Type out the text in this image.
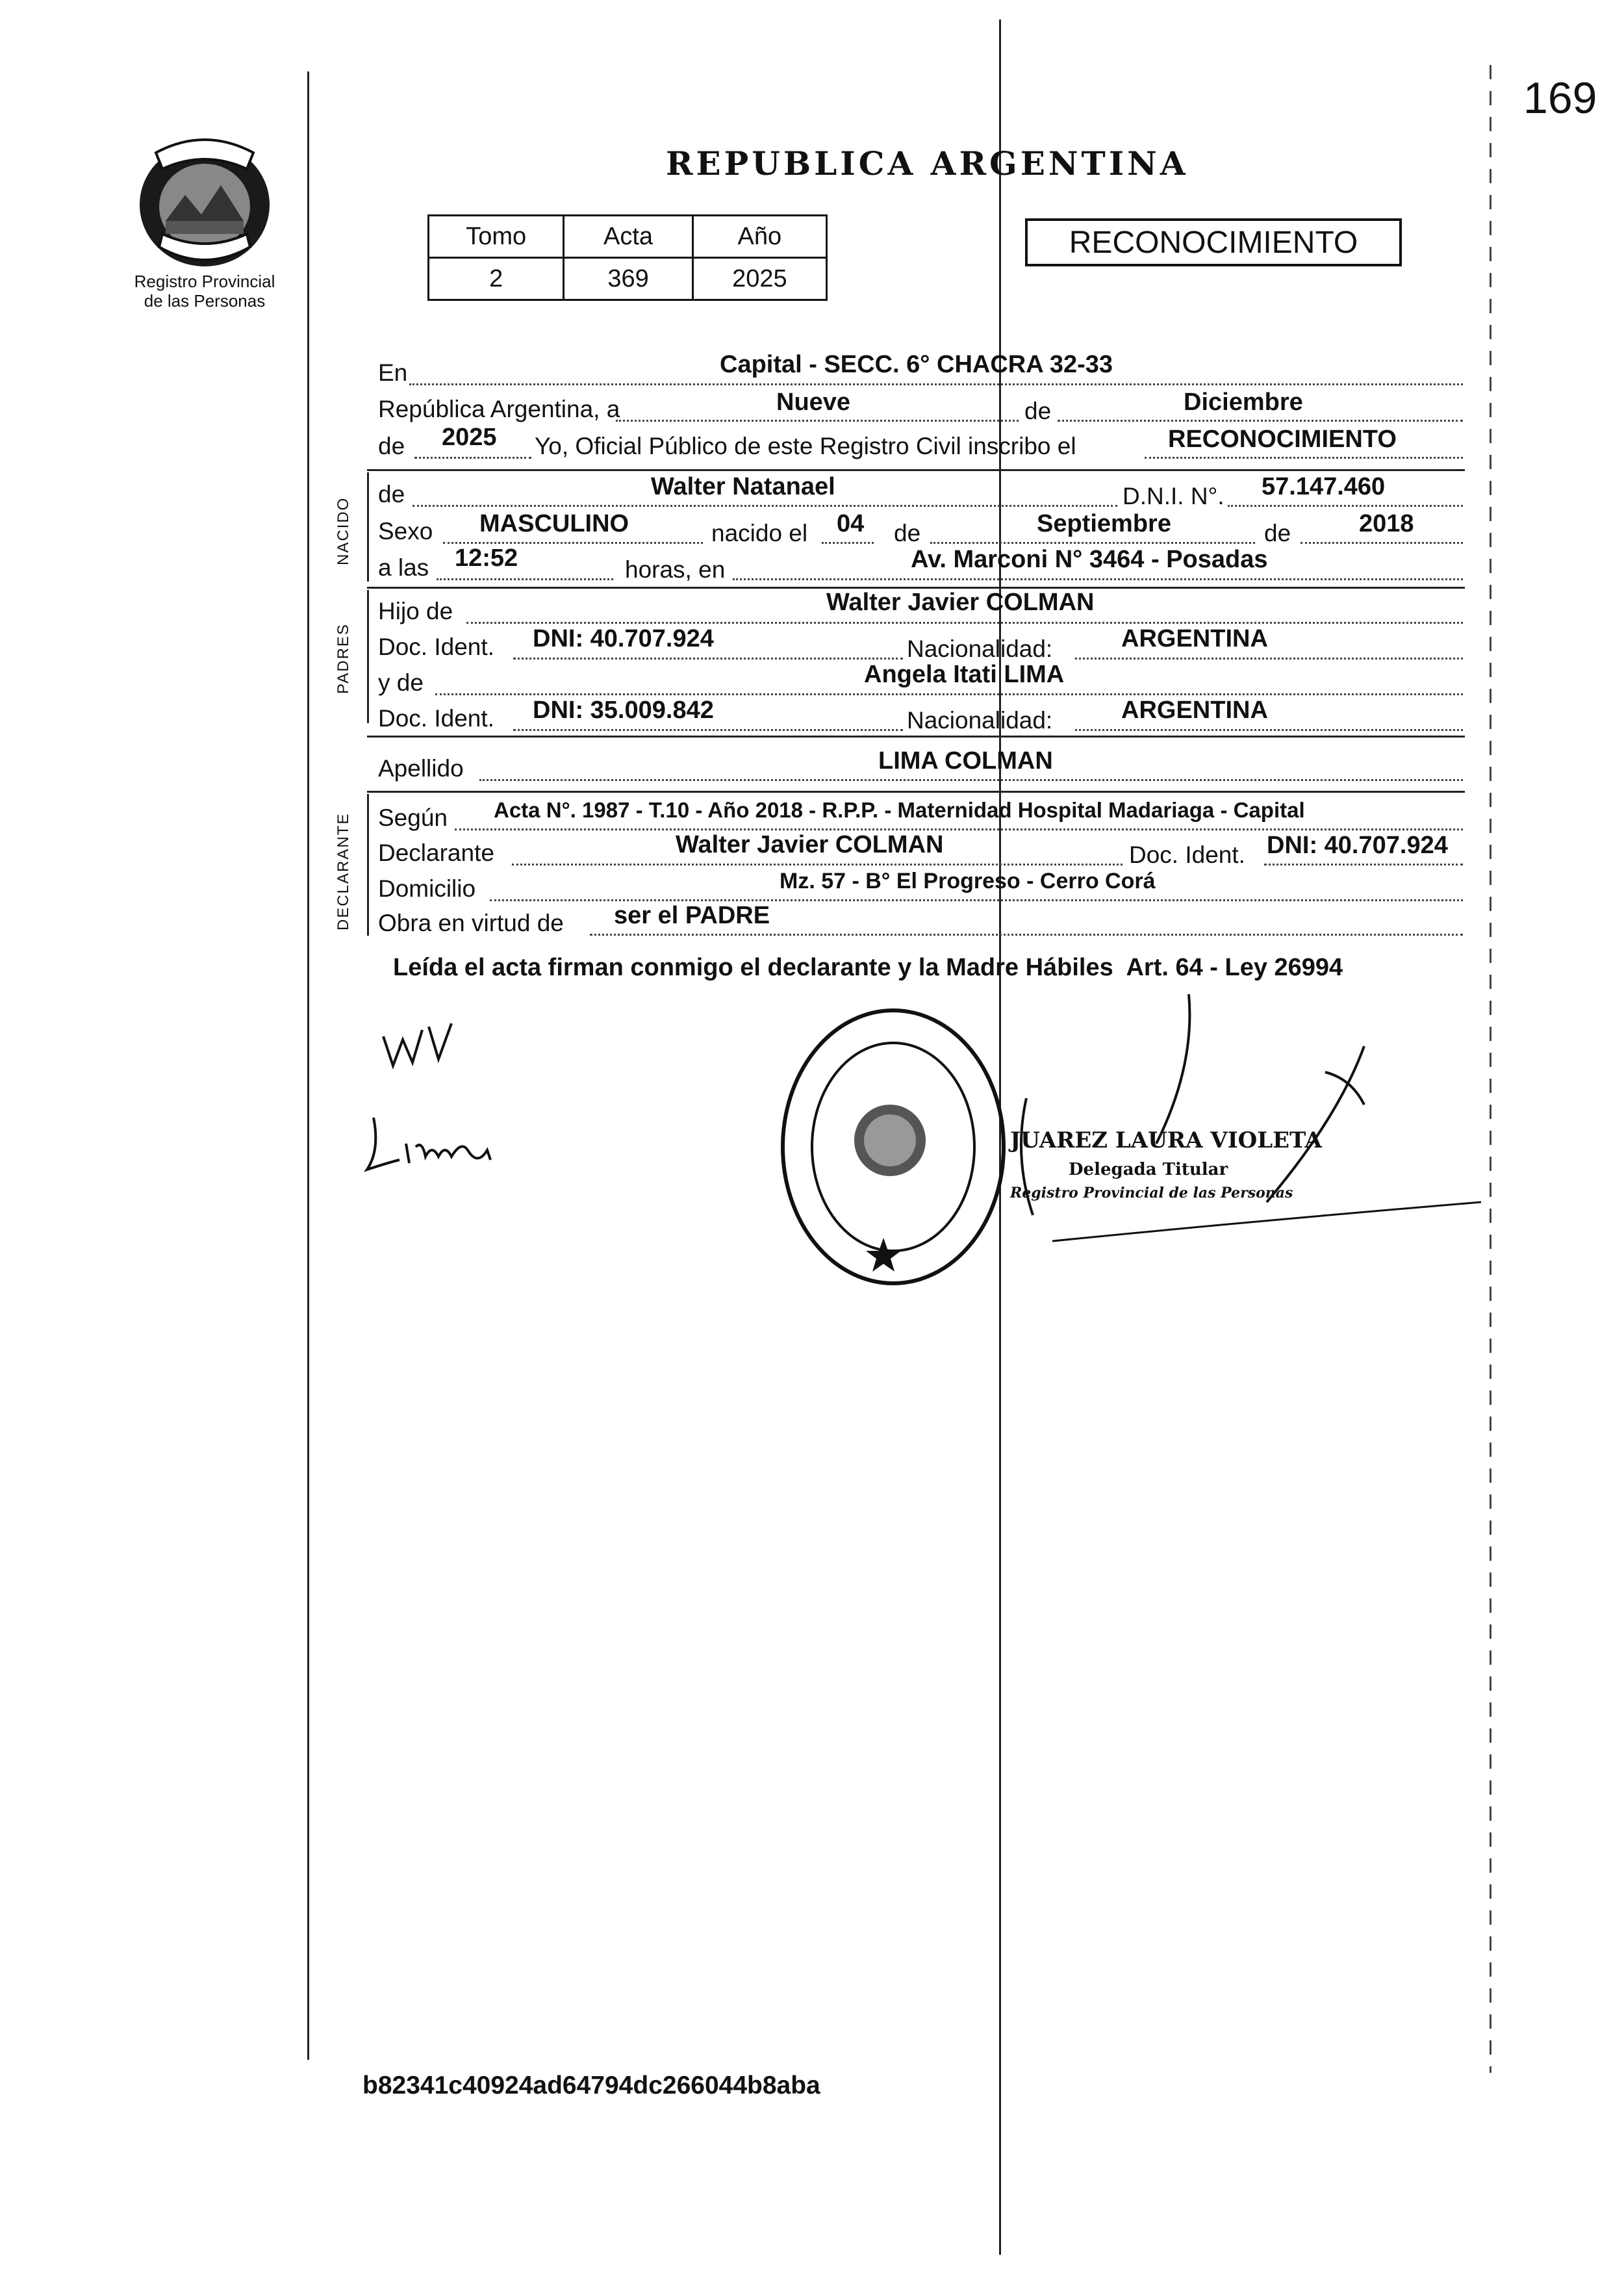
169
Registro Provincial
de las Personas
REPUBLICA ARGENTINA
Tomo	Acta	Año
2	369	2025
RECONOCIMIENTO
En	Capital - SECC. 6° CHACRA 32-33
República Argentina, a	Nueve	de	Diciembre
de 2025 Yo, Oficial Público de este Registro Civil inscribo el	RECONOCIMIENTO
NACIDO
de	Walter Natanael	D.N.I. N°. 57.147.460
Sexo MASCULINO	nacido el 04 de	Septiembre	de	2018
a las 12:52	horas, en	Av. Marconi N° 3464 - Posadas
PADRES
Hijo de	Walter Javier COLMAN
Doc. Ident. DNI: 40.707.924	Nacionalidad:	ARGENTINA
y de	Angela Itati LIMA
Doc. Ident. DNI: 35.009.842	Nacionalidad:	ARGENTINA
Apellido	LIMA COLMAN
DECLARANTE Según Acta N°. 1987 - T.10 - Año 2018 - R.P.P. - Maternidad Hospital Madariaga - Capital
Declarante	Walter Javier COLMAN	Doc. Ident. DNI: 40.707.924
Domicilio	Mz. 57 - B° El Progreso - Cerro Corá
Obra en virtud de ser el PADRE
Leída el acta firman conmigo el declarante y la Madre Hábiles  Art. 64 - Ley 26994
JUAREZ LAURA VIOLETA
Delegada Titular
Registro Provincial de las Personas
b82341c40924ad64794dc266044b8aba
